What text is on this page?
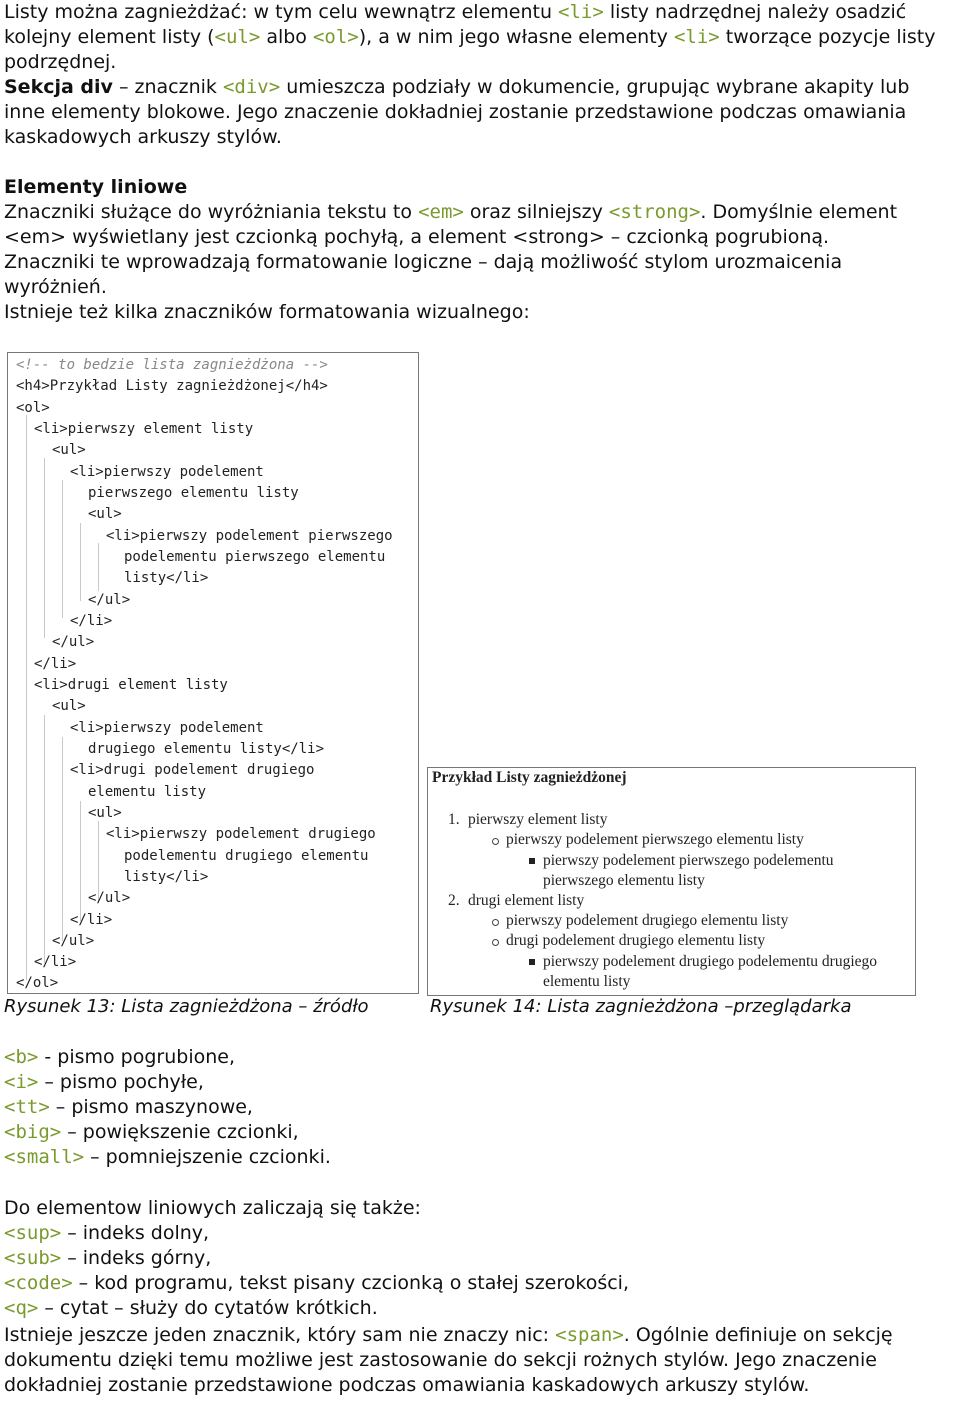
Listy można zagnieżdżać: w tym celu wewnątrz elementu <li> listy nadrzędnej należy osadzić
kolejny element listy (<ul> albo <ol>), a w nim jego własne elementy <li> tworzące pozycje listy
podrzędnej.
Sekcja div – znacznik <div> umieszcza podziały w dokumencie, grupując wybrane akapity lub
inne elementy blokowe. Jego znaczenie dokładniej zostanie przedstawione podczas omawiania
kaskadowych arkuszy stylów.
Elementy liniowe
Znaczniki służące do wyróżniania tekstu to <em> oraz silniejszy <strong>. Domyślnie element
<em> wyświetlany jest czcionką pochyłą, a element <strong> – czcionką pogrubioną.
Znaczniki te wprowadzają formatowanie logiczne – dają możliwość stylom urozmaicenia
wyróżnień.
Istnieje też kilka znaczników formatowania wizualnego:
<!-- to bedzie lista zagnieżdżona -->
<h4>Przykład Listy zagnieżdżonej</h4>
<ol>
<li>pierwszy element listy
<ul>
<li>pierwszy podelement
pierwszego elementu listy
<ul>
<li>pierwszy podelement pierwszego
podelementu pierwszego elementu
listy</li>
</ul>
</li>
</ul>
</li>
<li>drugi element listy
<ul>
<li>pierwszy podelement
drugiego elementu listy</li>
<li>drugi podelement drugiego
elementu listy
<ul>
<li>pierwszy podelement drugiego
podelementu drugiego elementu
listy</li>
</ul>
</li>
</ul>
</li>
</ol>
Rysunek 13: Lista zagnieżdżona – źródło
Przykład Listy zagnieżdżonej
1. pierwszy element listy
pierwszy podelement pierwszego elementu listy
pierwszy podelement pierwszego podelementu
pierwszego elementu listy
2. drugi element listy
pierwszy podelement drugiego elementu listy
drugi podelement drugiego elementu listy
pierwszy podelement drugiego podelementu drugiego
elementu listy
Rysunek 14: Lista zagnieżdżona –przeglądarka
<b> - pismo pogrubione,
<i> – pismo pochyłe,
<tt> – pismo maszynowe,
<big> – powiększenie czcionki,
<small> – pomniejszenie czcionki.
Do elementow liniowych zaliczają się także:
<sup> – indeks dolny,
<sub> – indeks górny,
<code> – kod programu, tekst pisany czcionką o stałej szerokości,
<q> – cytat – służy do cytatów krótkich.
Istnieje jeszcze jeden znacznik, który sam nie znaczy nic: <span>. Ogólnie definiuje on sekcję
dokumentu dzięki temu możliwe jest zastosowanie do sekcji rożnych stylów. Jego znaczenie
dokładniej zostanie przedstawione podczas omawiania kaskadowych arkuszy stylów.
